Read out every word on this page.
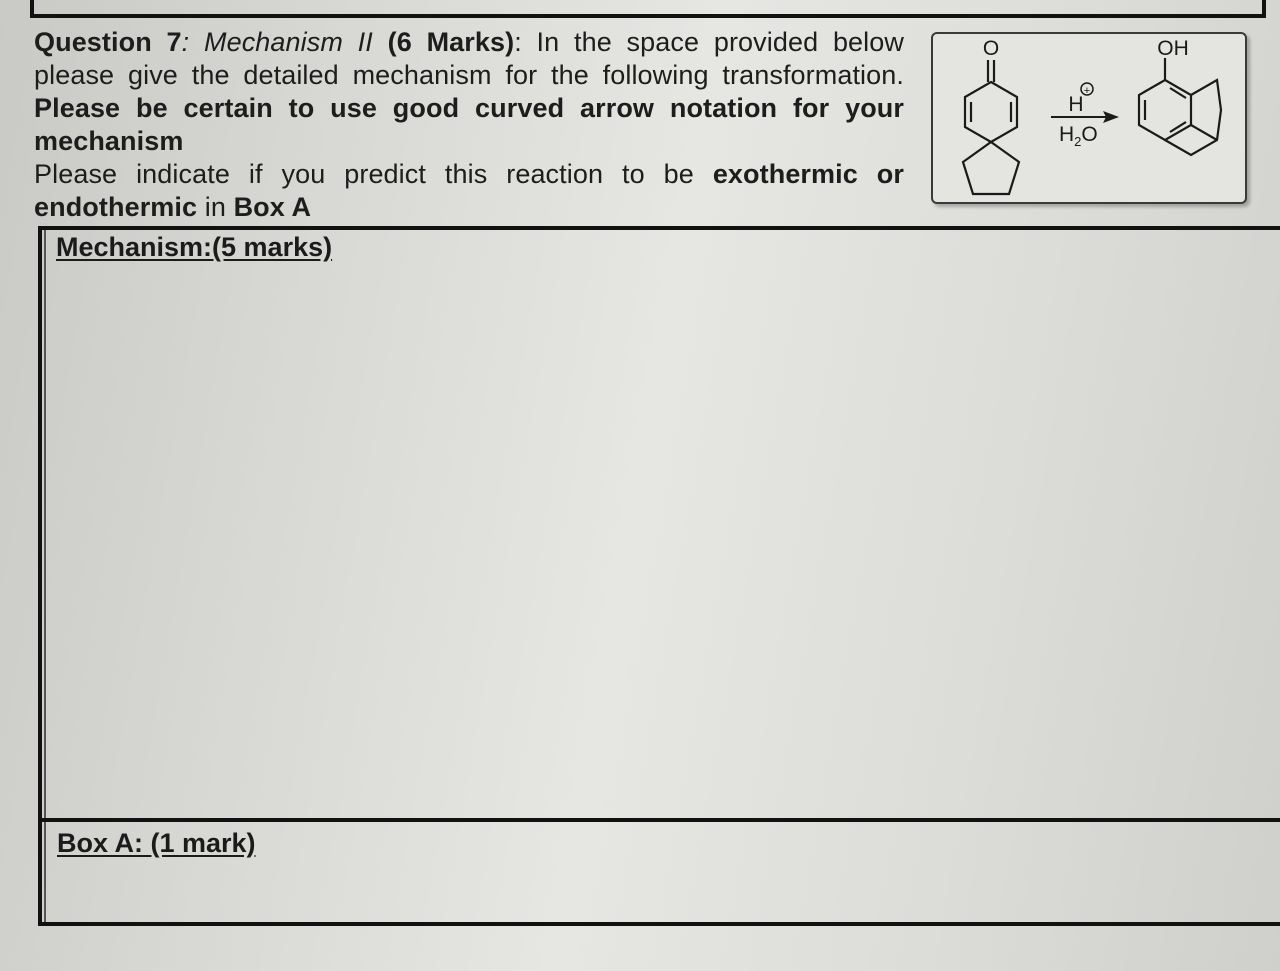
Question 7: Mechanism II (6 Marks): In the space provided below

please give the detailed mechanism for the following transformation.

Please be certain to use good curved arrow notation for your mechanism

Please indicate if you predict this reaction to be exothermic or

endothermic in Box A

O
+
H
$H_2O$
OH
Mechanism:(5 marks)
Box A: (1 mark)
